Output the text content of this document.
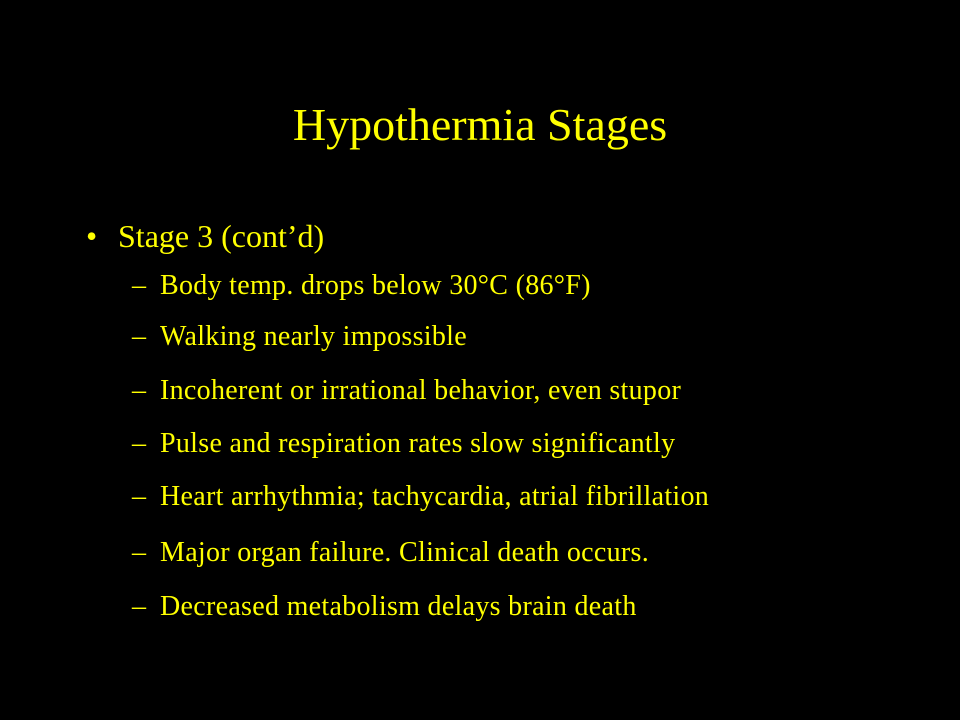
Hypothermia Stages
• Stage 3 (cont’d)
– Body temp. drops below 30°C (86°F)
– Walking nearly impossible
– Incoherent or irrational behavior, even stupor
– Pulse and respiration rates slow significantly
– Heart arrhythmia; tachycardia, atrial fibrillation
– Major organ failure. Clinical death occurs.
– Decreased metabolism delays brain death
